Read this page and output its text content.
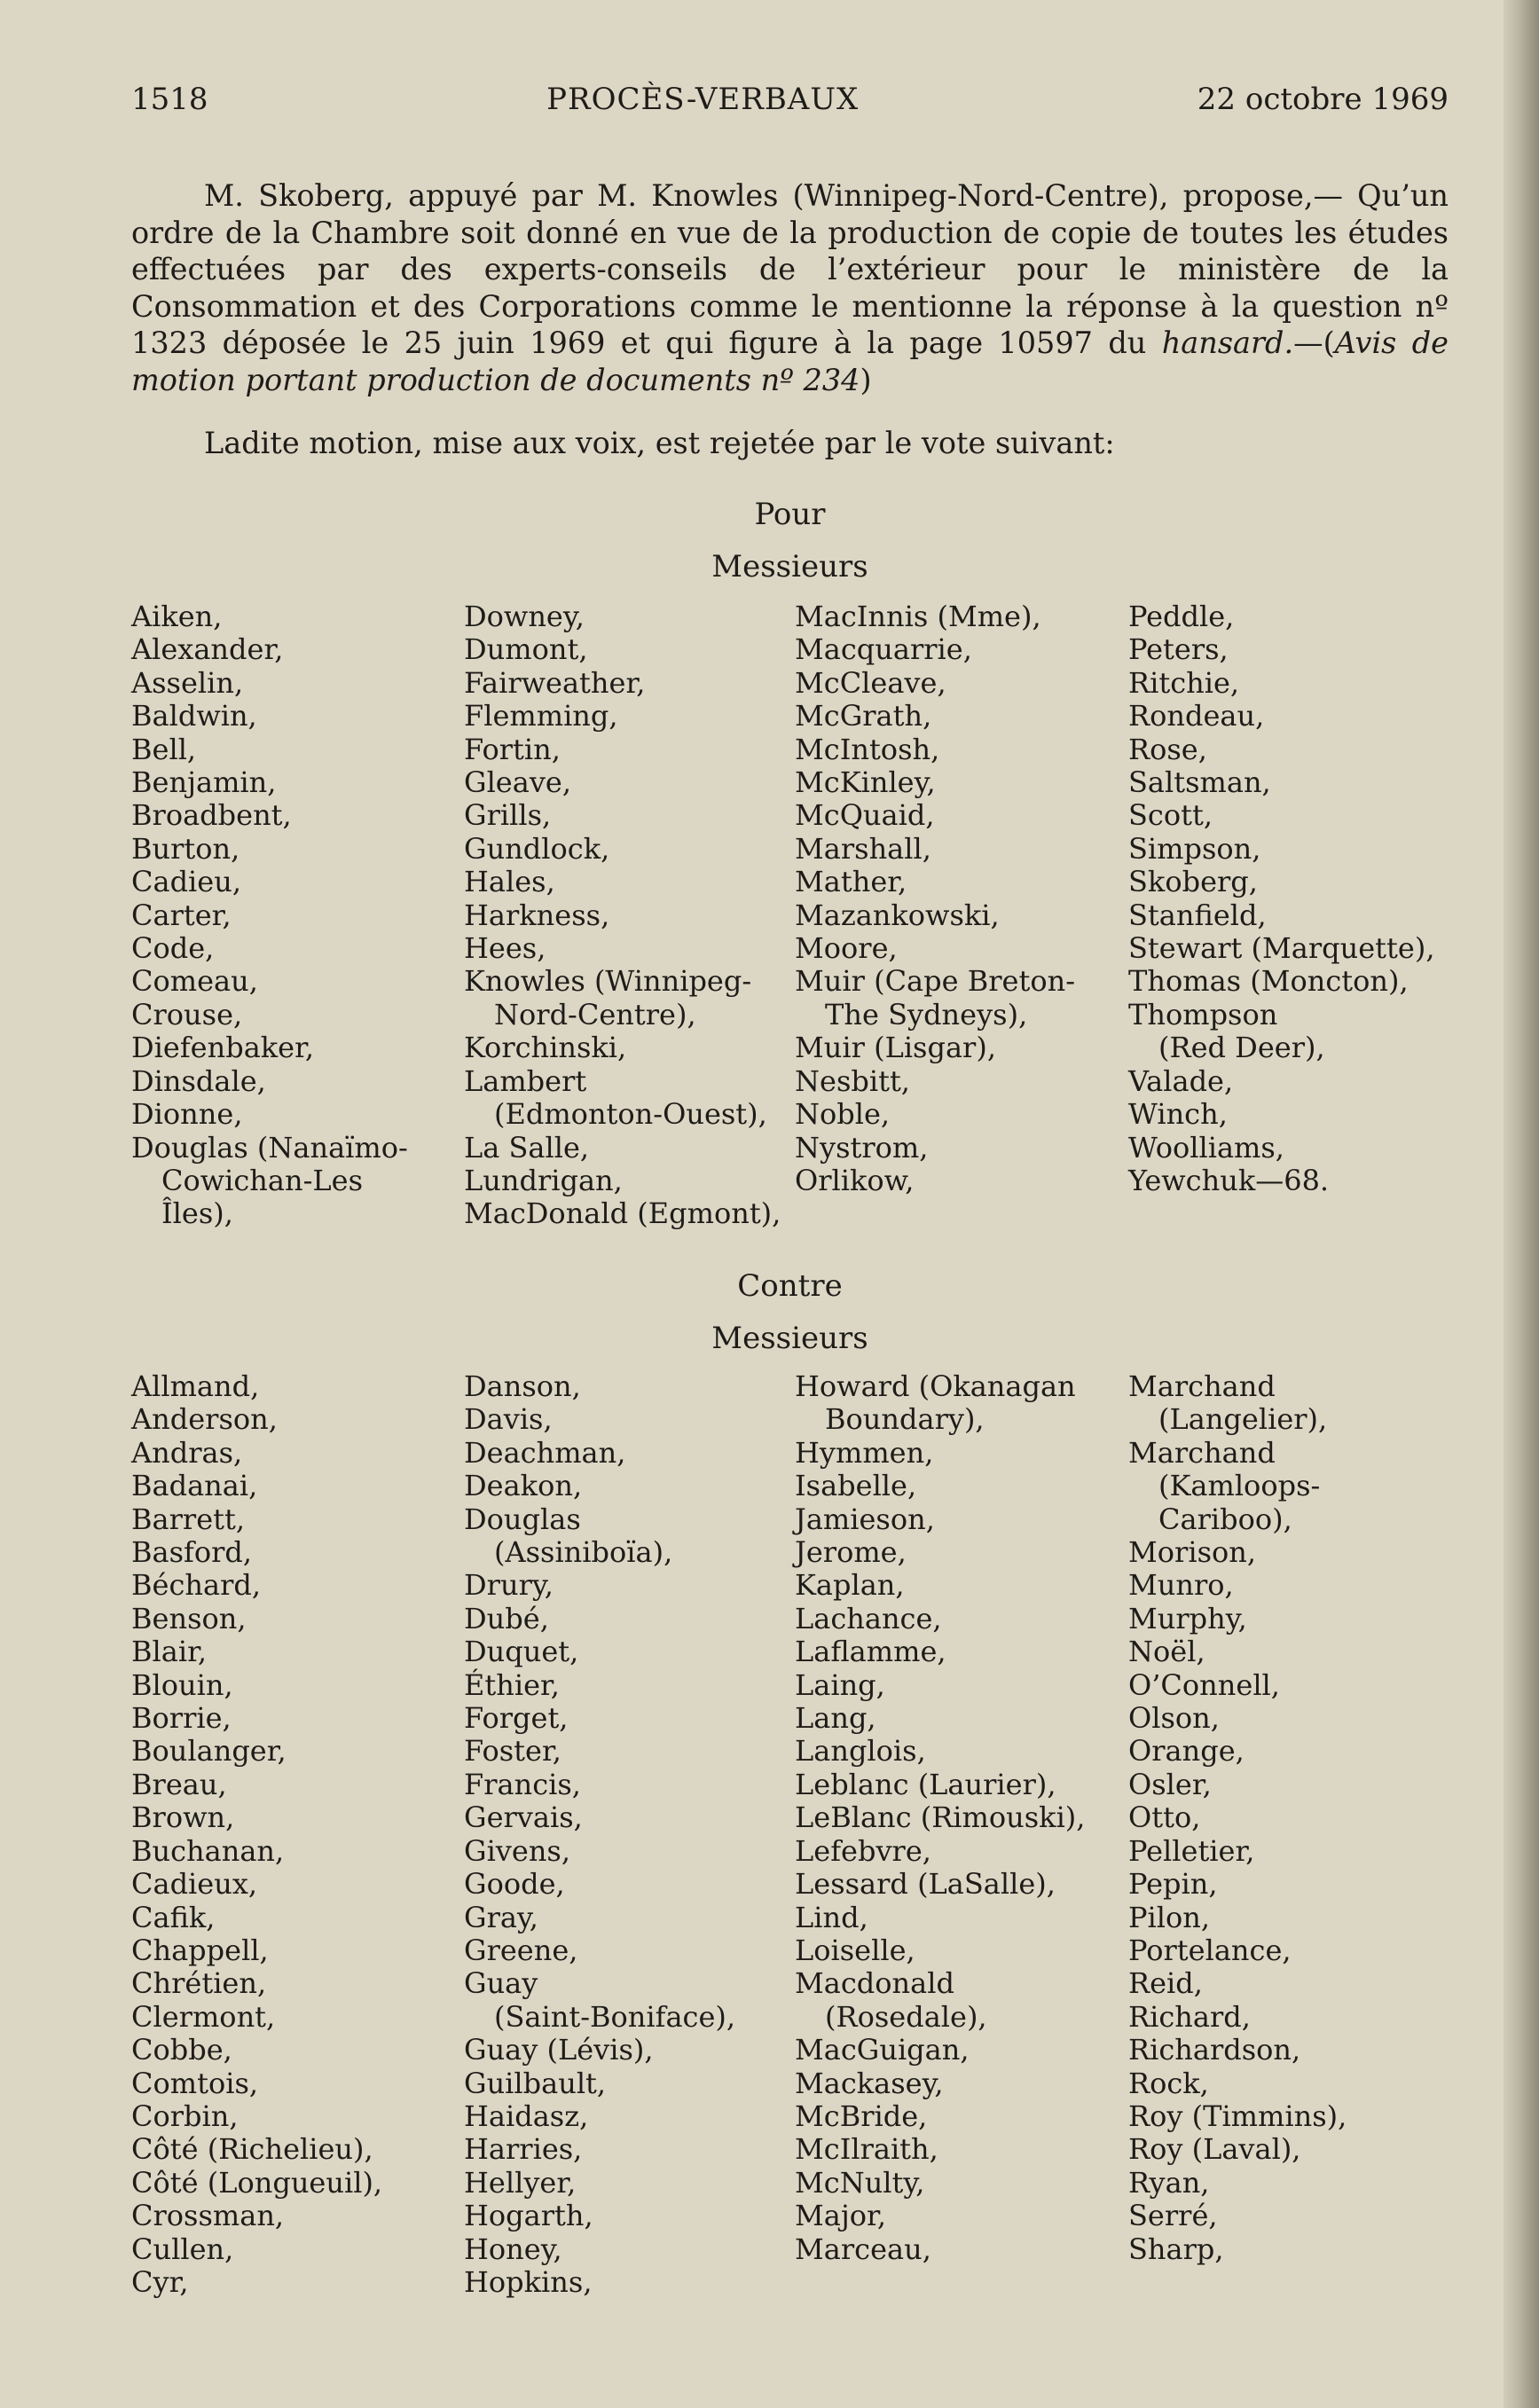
1518	PROCÈS-VERBAUX	22 octobre 1969

M. Skoberg, appuyé par M. Knowles (Winnipeg-Nord-Centre), propose,— Qu’un ordre de la Chambre soit donné en vue de la production de copie de toutes les études effectuées par des experts-conseils de l’extérieur pour le ministère de la Consommation et des Corporations comme le mentionne la réponse à la question nº 1323 déposée le 25 juin 1969 et qui figure à la page 10597 du hansard.—(Avis de motion portant production de documents nº 234)

Ladite motion, mise aux voix, est rejetée par le vote suivant:

Pour
Messieurs
Aiken,
Alexander,
Asselin,
Baldwin,
Bell,
Benjamin,
Broadbent,
Burton,
Cadieu,
Carter,
Code,
Comeau,
Crouse,
Diefenbaker,
Dinsdale,
Dionne,
Douglas (Nanaïmo-
Cowichan-Les
Îles),
Downey,
Dumont,
Fairweather,
Flemming,
Fortin,
Gleave,
Grills,
Gundlock,
Hales,
Harkness,
Hees,
Knowles (Winnipeg-
Nord-Centre),
Korchinski,
Lambert
(Edmonton-Ouest),
La Salle,
Lundrigan,
MacDonald (Egmont),
MacInnis (Mme),
Macquarrie,
McCleave,
McGrath,
McIntosh,
McKinley,
McQuaid,
Marshall,
Mather,
Mazankowski,
Moore,
Muir (Cape Breton-
The Sydneys),
Muir (Lisgar),
Nesbitt,
Noble,
Nystrom,
Orlikow,
Peddle,
Peters,
Ritchie,
Rondeau,
Rose,
Saltsman,
Scott,
Simpson,
Skoberg,
Stanfield,
Stewart (Marquette),
Thomas (Moncton),
Thompson
(Red Deer),
Valade,
Winch,
Woolliams,
Yewchuk—68.
Contre
Messieurs
Allmand,
Anderson,
Andras,
Badanai,
Barrett,
Basford,
Béchard,
Benson,
Blair,
Blouin,
Borrie,
Boulanger,
Breau,
Brown,
Buchanan,
Cadieux,
Cafik,
Chappell,
Chrétien,
Clermont,
Cobbe,
Comtois,
Corbin,
Côté (Richelieu),
Côté (Longueuil),
Crossman,
Cullen,
Cyr,
Danson,
Davis,
Deachman,
Deakon,
Douglas
(Assiniboïa),
Drury,
Dubé,
Duquet,
Éthier,
Forget,
Foster,
Francis,
Gervais,
Givens,
Goode,
Gray,
Greene,
Guay
(Saint-Boniface),
Guay (Lévis),
Guilbault,
Haidasz,
Harries,
Hellyer,
Hogarth,
Honey,
Hopkins,
Howard (Okanagan
Boundary),
Hymmen,
Isabelle,
Jamieson,
Jerome,
Kaplan,
Lachance,
Laflamme,
Laing,
Lang,
Langlois,
Leblanc (Laurier),
LeBlanc (Rimouski),
Lefebvre,
Lessard (LaSalle),
Lind,
Loiselle,
Macdonald
(Rosedale),
MacGuigan,
Mackasey,
McBride,
McIlraith,
McNulty,
Major,
Marceau,
Marchand
(Langelier),
Marchand
(Kamloops-
Cariboo),
Morison,
Munro,
Murphy,
Noël,
O’Connell,
Olson,
Orange,
Osler,
Otto,
Pelletier,
Pepin,
Pilon,
Portelance,
Reid,
Richard,
Richardson,
Rock,
Roy (Timmins),
Roy (Laval),
Ryan,
Serré,
Sharp,
